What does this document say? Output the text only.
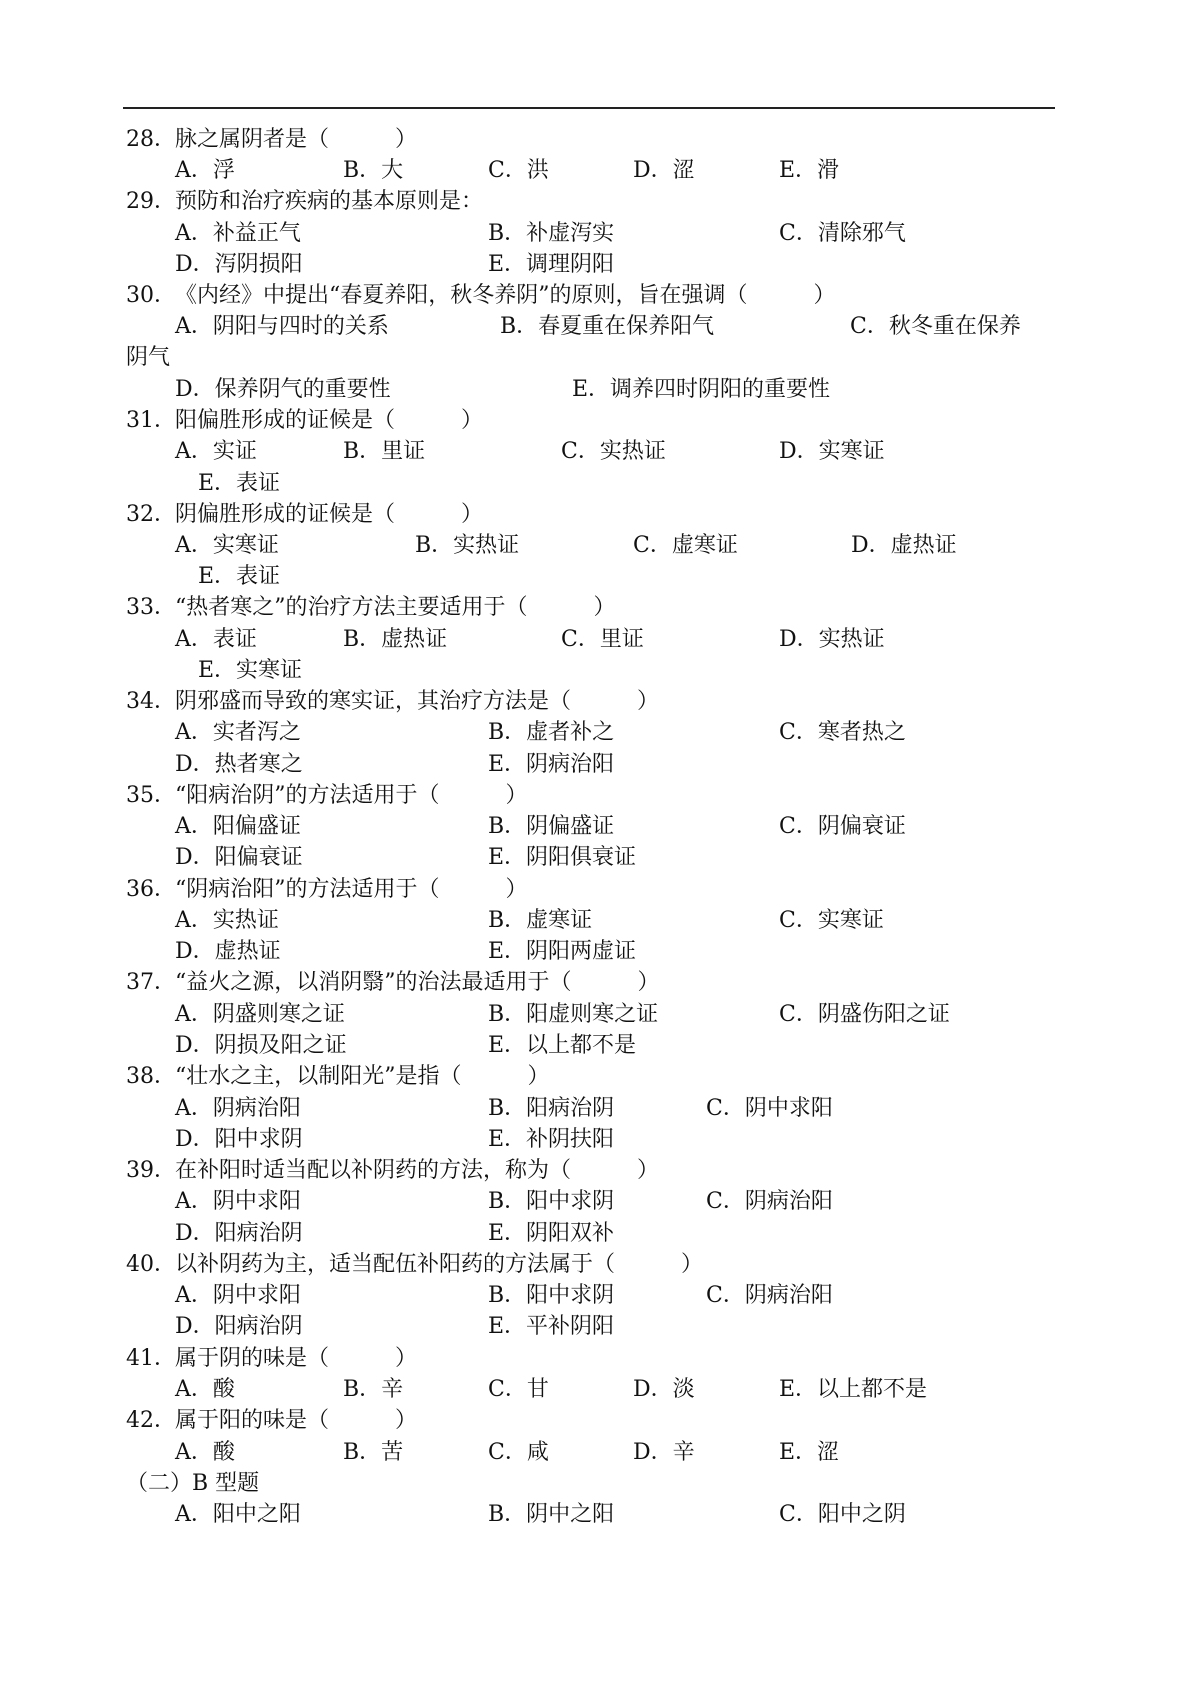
28． 脉之属阴者是（　　　）
A．浮	B．大	C．洪	D．涩	E．滑
29． 预防和治疗疾病的基本原则是：
A．补益正气	B．补虚泻实	C．清除邪气
D．泻阴损阳	E．调理阴阳
30． 《内经》中提出“春夏养阳，秋冬养阴”的原则，旨在强调（　　　）
A．阴阳与四时的关系	B．春夏重在保养阳气	C．秋冬重在保养
阴气
D．保养阴气的重要性	E．调养四时阴阳的重要性
31． 阳偏胜形成的证候是（　　　）
A．实证	B．里证	C．实热证	D．实寒证
E．表证
32． 阴偏胜形成的证候是（　　　）
A．实寒证	B．实热证	C．虚寒证	D．虚热证
E．表证
33． “热者寒之”的治疗方法主要适用于（　　　）
A．表证	B．虚热证	C．里证	D．实热证
E．实寒证
34． 阴邪盛而导致的寒实证，其治疗方法是（　　　）
A．实者泻之	B．虚者补之	C．寒者热之
D．热者寒之	E．阴病治阳
35． “阳病治阴”的方法适用于（　　　）
A．阳偏盛证	B．阴偏盛证	C．阴偏衰证
D．阳偏衰证	E．阴阳俱衰证
36． “阴病治阳”的方法适用于（　　　）
A．实热证	B．虚寒证	C．实寒证
D．虚热证	E．阴阳两虚证
37． “益火之源，以消阴翳”的治法最适用于（　　　）
A．阴盛则寒之证	B．阳虚则寒之证	C．阴盛伤阳之证
D．阴损及阳之证	E．以上都不是
38． “壮水之主，以制阳光”是指（　　　）
A．阴病治阳	B．阳病治阴	C．阴中求阳
D．阳中求阴	E．补阴扶阳
39． 在补阳时适当配以补阴药的方法，称为（　　　）
A．阴中求阳	B．阳中求阴	C．阴病治阳
D．阳病治阴	E．阴阳双补
40． 以补阴药为主，适当配伍补阳药的方法属于（　　　）
A．阴中求阳	B．阳中求阴	C．阴病治阳
D．阳病治阴	E．平补阴阳
41． 属于阴的味是（　　　）
A．酸	B．辛	C．甘	D．淡	E．以上都不是
42． 属于阳的味是（　　　）
A．酸	B．苦	C．咸	D．辛	E．涩
（二）B 型题
A．阳中之阳	B．阴中之阳	C．阳中之阴
